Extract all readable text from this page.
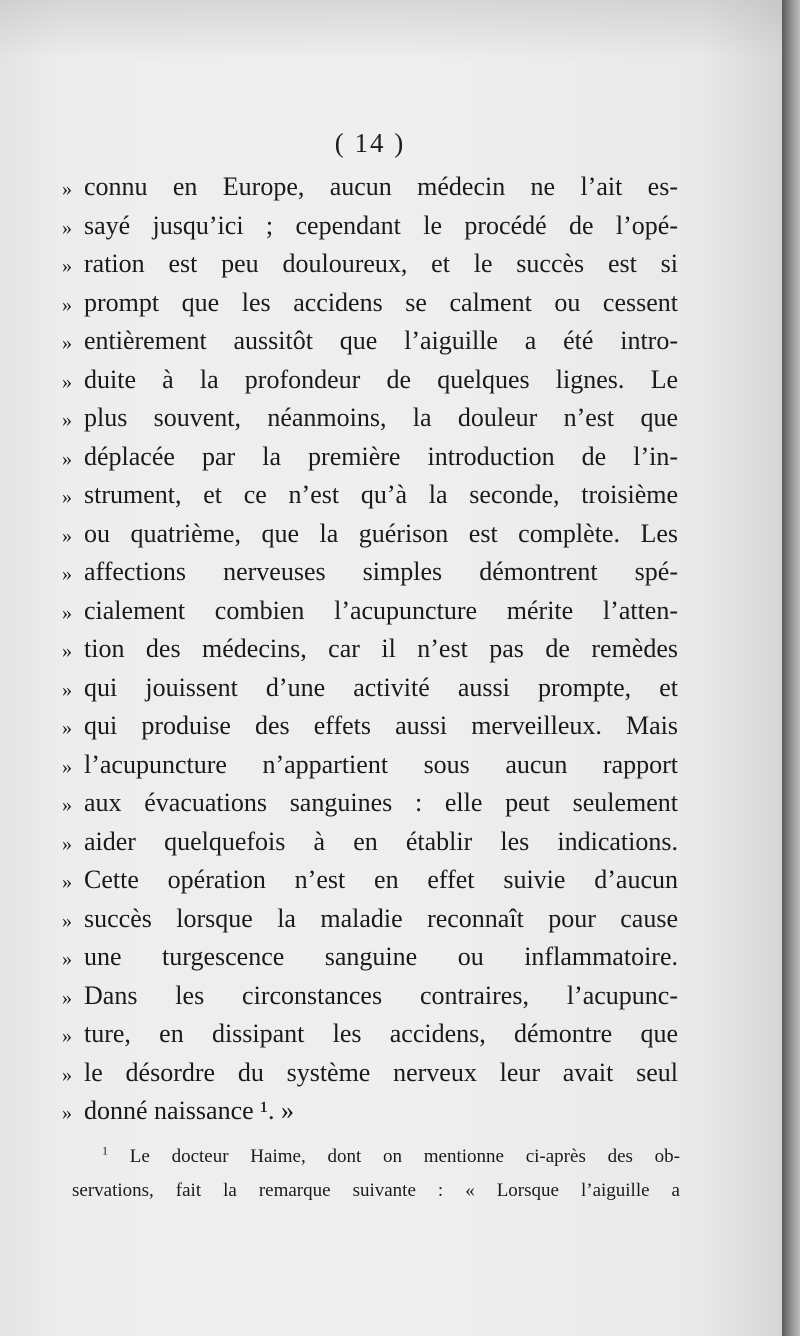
( 14 )
» connu en Europe, aucun médecin ne l’ait es-
» sayé jusqu’ici ; cependant le procédé de l’opé-
» ration est peu douloureux, et le succès est si
» prompt que les accidens se calment ou cessent
» entièrement aussitôt que l’aiguille a été intro-
» duite à la profondeur de quelques lignes. Le
» plus souvent, néanmoins, la douleur n’est que
» déplacée par la première introduction de l’in-
» strument, et ce n’est qu’à la seconde, troisième
» ou quatrième, que la guérison est complète. Les
» affections nerveuses simples démontrent spé-
» cialement combien l’acupuncture mérite l’atten-
» tion des médecins, car il n’est pas de remèdes
» qui jouissent d’une activité aussi prompte, et
» qui produise des effets aussi merveilleux. Mais
» l’acupuncture n’appartient sous aucun rapport
» aux évacuations sanguines : elle peut seulement
» aider quelquefois à en établir les indications.
» Cette opération n’est en effet suivie d’aucun
» succès lorsque la maladie reconnaît pour cause
» une turgescence sanguine ou inflammatoire.
» Dans les circonstances contraires, l’acupunc-
» ture, en dissipant les accidens, démontre que
» le désordre du système nerveux leur avait seul
» donné naissance ¹. »
$^1$ Le docteur Haime, dont on mentionne ci-après des ob-
servations, fait la remarque suivante : « Lorsque l’aiguille a
